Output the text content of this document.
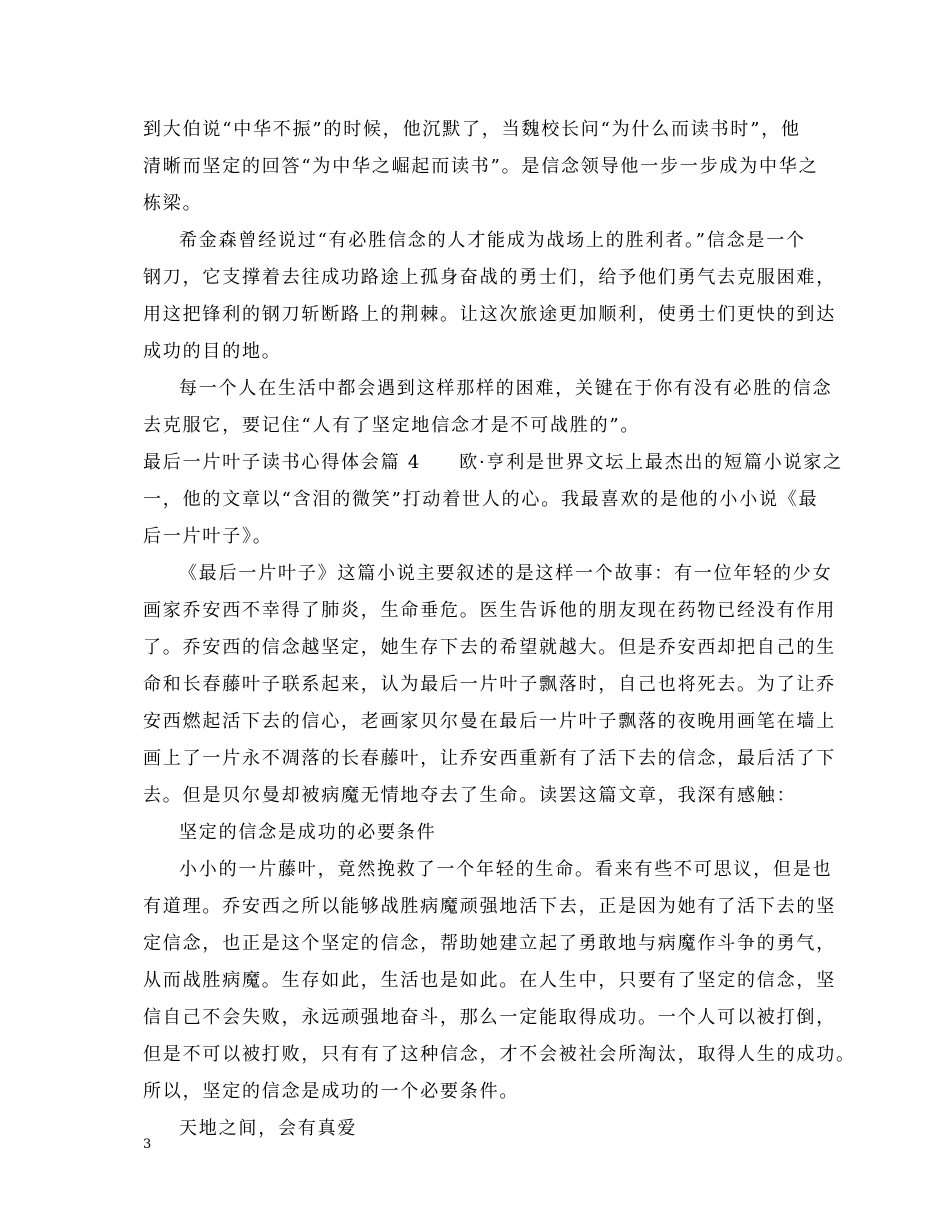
到大伯说“中华不振”的时候，他沉默了，当魏校长问“为什么而读书时”，他
清晰而坚定的回答“为中华之崛起而读书”。是信念领导他一步一步成为中华之
栋梁。
希金森曾经说过“有必胜信念的人才能成为战场上的胜利者。”信念是一个
钢刀，它支撑着去往成功路途上孤身奋战的勇士们，给予他们勇气去克服困难，
用这把锋利的钢刀斩断路上的荆棘。让这次旅途更加顺利，使勇士们更快的到达
成功的目的地。
每一个人在生活中都会遇到这样那样的困难，关键在于你有没有必胜的信念
去克服它，要记住“人有了坚定地信念才是不可战胜的”。
最后一片叶子读书心得体会篇 4 欧·亨利是世界文坛上最杰出的短篇小说家之
一，他的文章以“含泪的微笑”打动着世人的心。我最喜欢的是他的小小说《最
后一片叶子》。
《最后一片叶子》这篇小说主要叙述的是这样一个故事：有一位年轻的少女
画家乔安西不幸得了肺炎，生命垂危。医生告诉他的朋友现在药物已经没有作用
了。乔安西的信念越坚定，她生存下去的希望就越大。但是乔安西却把自己的生
命和长春藤叶子联系起来，认为最后一片叶子飘落时，自己也将死去。为了让乔
安西燃起活下去的信心，老画家贝尔曼在最后一片叶子飘落的夜晚用画笔在墙上
画上了一片永不凋落的长春藤叶，让乔安西重新有了活下去的信念，最后活了下
去。但是贝尔曼却被病魔无情地夺去了生命。读罢这篇文章，我深有感触：
坚定的信念是成功的必要条件
小小的一片藤叶，竟然挽救了一个年轻的生命。看来有些不可思议，但是也
有道理。乔安西之所以能够战胜病魔顽强地活下去，正是因为她有了活下去的坚
定信念，也正是这个坚定的信念，帮助她建立起了勇敢地与病魔作斗争的勇气，
从而战胜病魔。生存如此，生活也是如此。在人生中，只要有了坚定的信念，坚
信自己不会失败，永远顽强地奋斗，那么一定能取得成功。一个人可以被打倒，
但是不可以被打败，只有有了这种信念，才不会被社会所淘汰，取得人生的成功。
所以，坚定的信念是成功的一个必要条件。
天地之间，会有真爱
3
